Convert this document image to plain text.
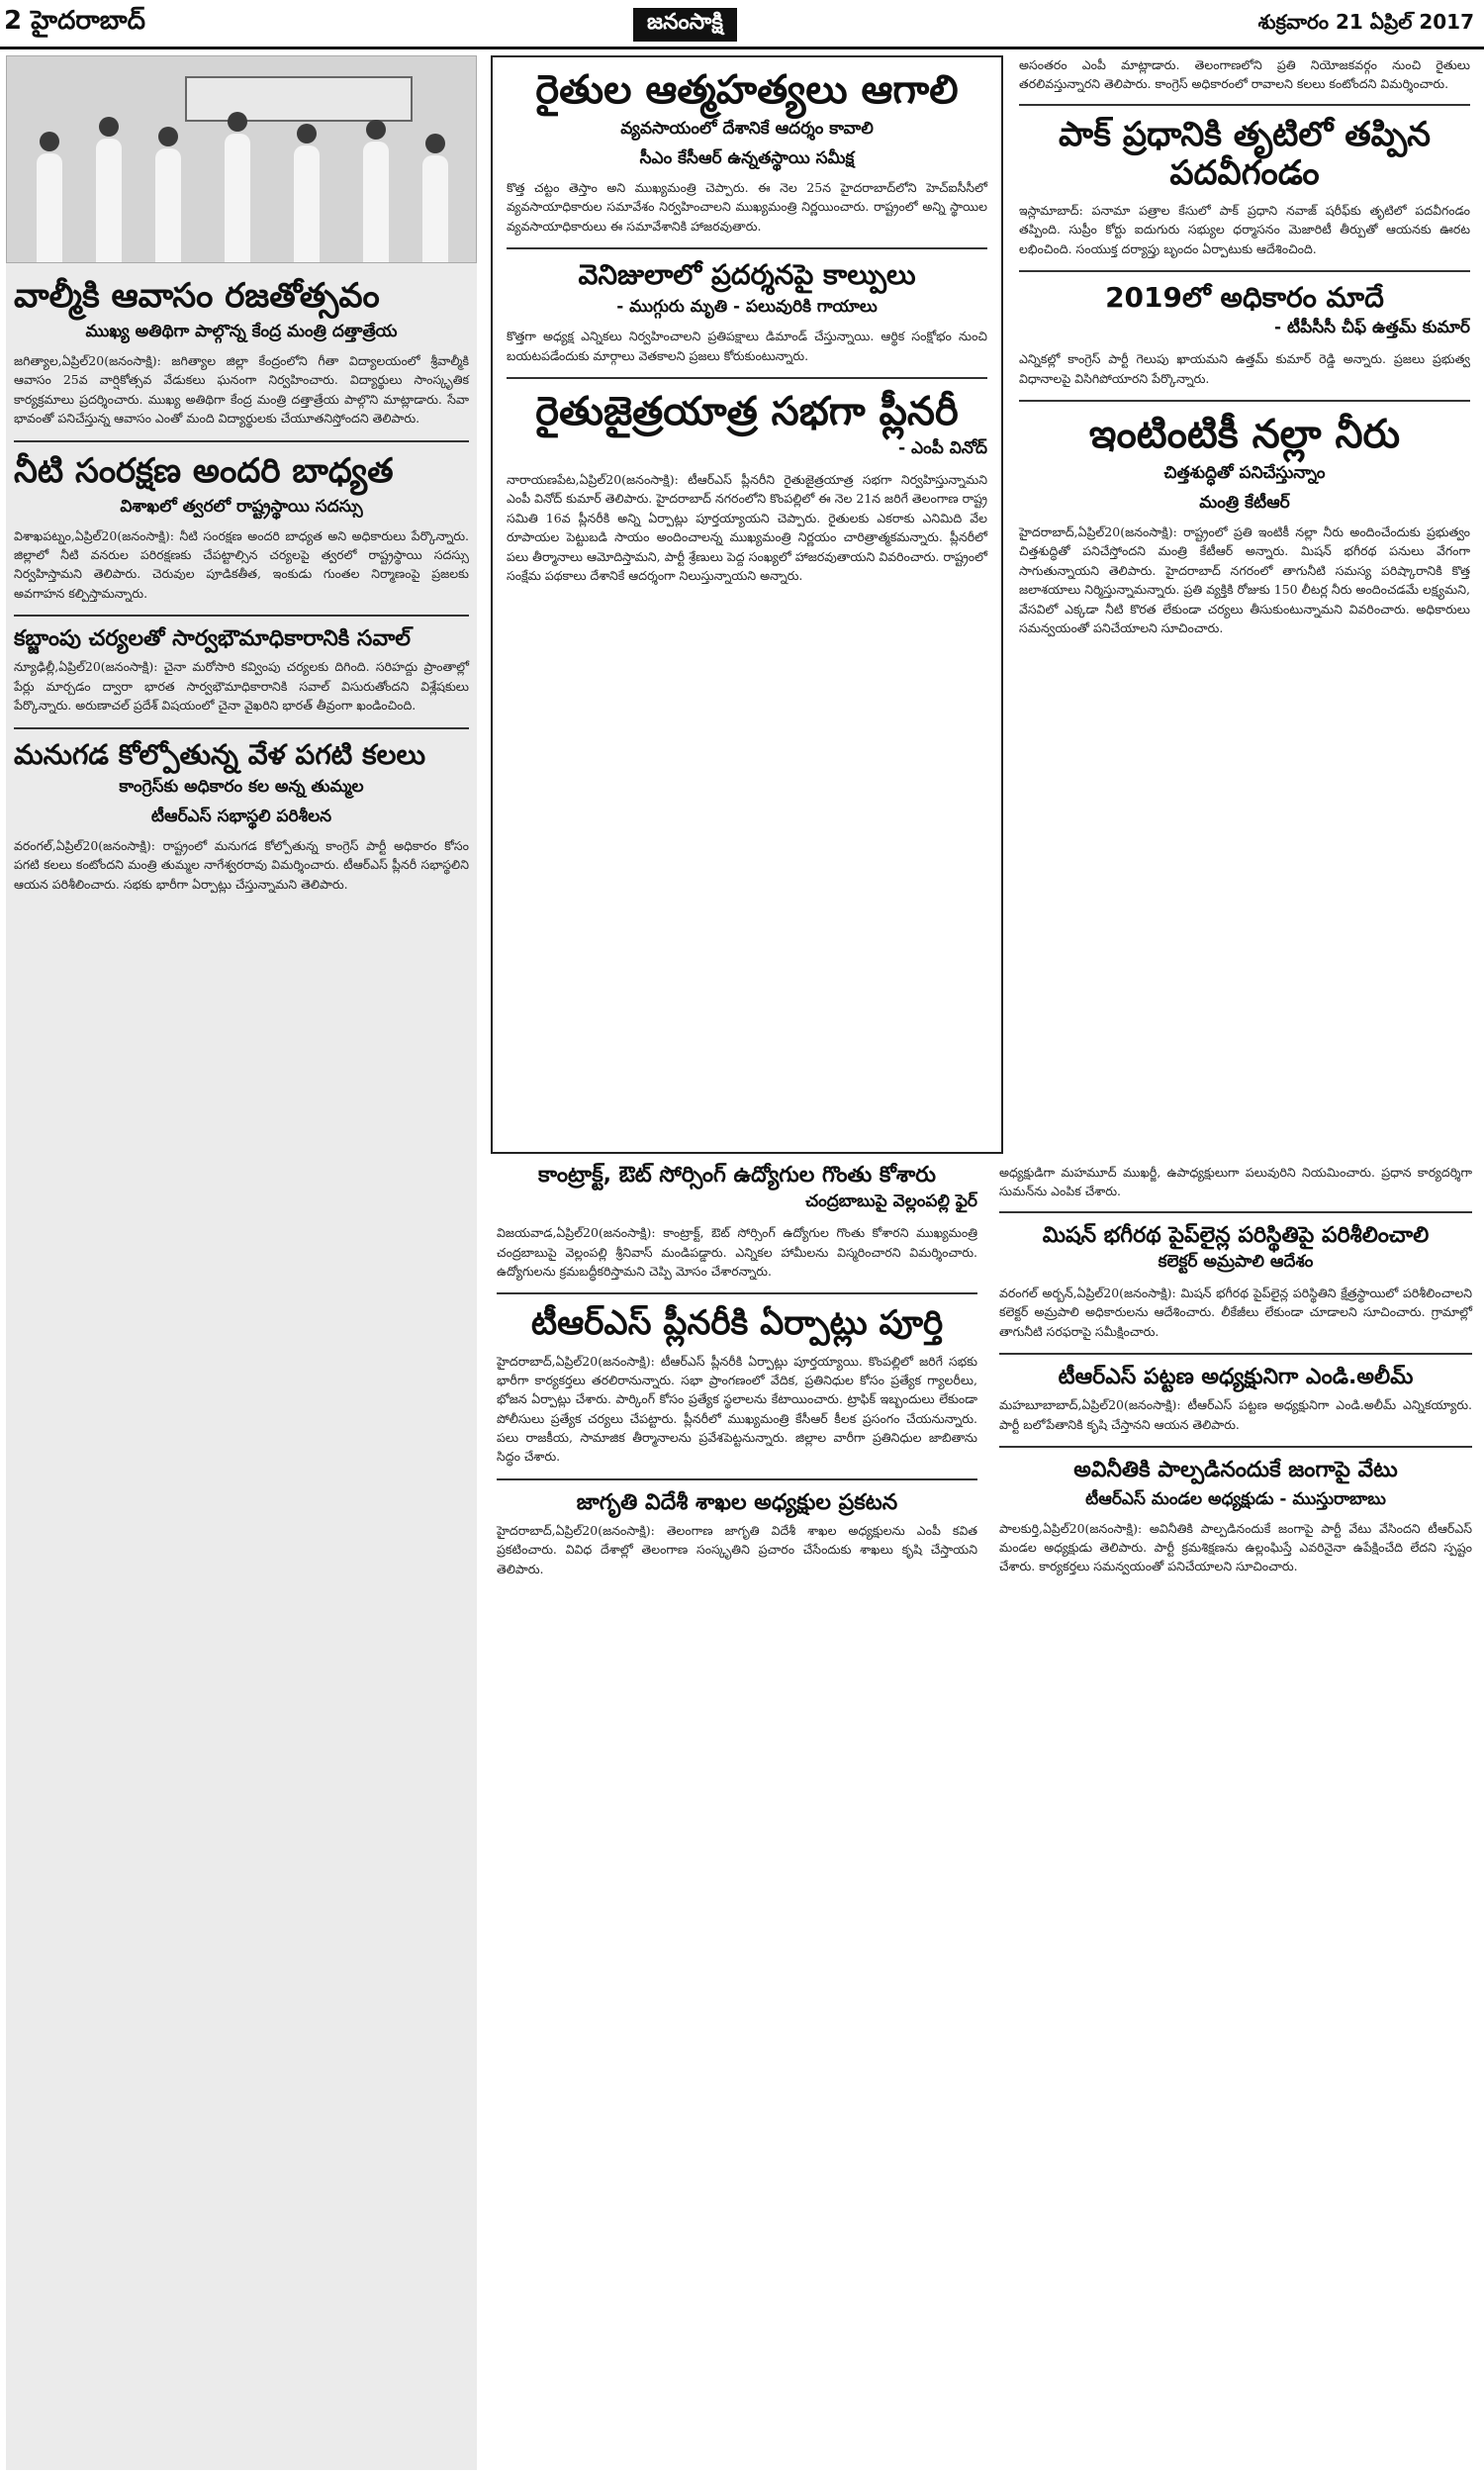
2 హైదరాబాద్	జనంసాక్షి	శుక్రవారం 21 ఏప్రిల్ 2017
వాల్మీకి ఆవాసం రజతోత్సవం
ముఖ్య అతిథిగా పాల్గొన్న కేంద్ర మంత్రి దత్తాత్రేయ
జగిత్యాల,ఏప్రిల్20(జనంసాక్షి): జగిత్యాల జిల్లా కేంద్రంలోని గీతా విద్యాలయంలో శ్రీవాల్మీకి ఆవాసం 25వ వార్షికోత్సవ వేడుకలు ఘనంగా నిర్వహించారు. విద్యార్థులు సాంస్కృతిక కార్యక్రమాలు ప్రదర్శించారు. ముఖ్య అతిథిగా కేంద్ర మంత్రి దత్తాత్రేయ పాల్గొని మాట్లాడారు. సేవా భావంతో పనిచేస్తున్న ఆవాసం ఎంతో మంది విద్యార్థులకు చేయూతనిస్తోందని తెలిపారు.
నీటి సంరక్షణ అందరి బాధ్యత
విశాఖలో త్వరలో రాష్ట్రస్థాయి సదస్సు
విశాఖపట్నం,ఏప్రిల్20(జనంసాక్షి): నీటి సంరక్షణ అందరి బాధ్యత అని అధికారులు పేర్కొన్నారు. జిల్లాలో నీటి వనరుల పరిరక్షణకు చేపట్టాల్సిన చర్యలపై త్వరలో రాష్ట్రస్థాయి సదస్సు నిర్వహిస్తామని తెలిపారు. చెరువుల పూడికతీత, ఇంకుడు గుంతల నిర్మాణంపై ప్రజలకు అవగాహన కల్పిస్తామన్నారు.
కబ్జాంపు చర్యలతో సార్వభౌమాధికారానికి సవాల్
న్యూఢిల్లీ,ఏప్రిల్20(జనంసాక్షి): చైనా మరోసారి కవ్వింపు చర్యలకు దిగింది. సరిహద్దు ప్రాంతాల్లో పేర్లు మార్చడం ద్వారా భారత సార్వభౌమాధికారానికి సవాల్ విసురుతోందని విశ్లేషకులు పేర్కొన్నారు. అరుణాచల్ ప్రదేశ్ విషయంలో చైనా వైఖరిని భారత్ తీవ్రంగా ఖండించింది.
మనుగడ కోల్పోతున్న వేళ పగటి కలలు
కాంగ్రెస్‌కు అధికారం కల అన్న తుమ్మల
టీఆర్‌ఎస్ సభాస్థలి పరిశీలన
వరంగల్,ఏప్రిల్20(జనంసాక్షి): రాష్ట్రంలో మనుగడ కోల్పోతున్న కాంగ్రెస్ పార్టీ అధికారం కోసం పగటి కలలు కంటోందని మంత్రి తుమ్మల నాగేశ్వరరావు విమర్శించారు. టీఆర్‌ఎస్ ప్లీనరీ సభాస్థలిని ఆయన పరిశీలించారు. సభకు భారీగా ఏర్పాట్లు చేస్తున్నామని తెలిపారు.
రైతుల ఆత్మహత్యలు ఆగాలి
వ్యవసాయంలో దేశానికే ఆదర్శం కావాలి
సీఎం కేసీఆర్ ఉన్నతస్థాయి సమీక్ష
కొత్త చట్టం తెస్తాం అని ముఖ్యమంత్రి చెప్పారు. ఈ నెల 25న హైదరాబాద్‌లోని హెచ్ఐసీసీలో వ్యవసాయాధికారుల సమావేశం నిర్వహించాలని ముఖ్యమంత్రి నిర్ణయించారు. రాష్ట్రంలో అన్ని స్థాయిల వ్యవసాయాధికారులు ఈ సమావేశానికి హాజరవుతారు.
వెనిజులాలో ప్రదర్శనపై కాల్పులు
- ముగ్గురు మృతి - పలువురికి గాయాలు
కొత్తగా అధ్యక్ష ఎన్నికలు నిర్వహించాలని ప్రతిపక్షాలు డిమాండ్ చేస్తున్నాయి. ఆర్థిక సంక్షోభం నుంచి బయటపడేందుకు మార్గాలు వెతకాలని ప్రజలు కోరుకుంటున్నారు.
రైతుజైత్రయాత్ర సభగా ప్లీనరీ
- ఎంపీ వినోద్
నారాయణపేట,ఏప్రిల్20(జనంసాక్షి): టీఆర్‌ఎస్ ప్లీనరీని రైతుజైత్రయాత్ర సభగా నిర్వహిస్తున్నామని ఎంపీ వినోద్ కుమార్ తెలిపారు. హైదరాబాద్ నగరంలోని కొంపల్లిలో ఈ నెల 21న జరిగే తెలంగాణ రాష్ట్ర సమితి 16వ ప్లీనరీకి అన్ని ఏర్పాట్లు పూర్తయ్యాయని చెప్పారు. రైతులకు ఎకరాకు ఎనిమిది వేల రూపాయల పెట్టుబడి సాయం అందించాలన్న ముఖ్యమంత్రి నిర్ణయం చారిత్రాత్మకమన్నారు. ప్లీనరీలో పలు తీర్మానాలు ఆమోదిస్తామని, పార్టీ శ్రేణులు పెద్ద సంఖ్యలో హాజరవుతాయని వివరించారు. రాష్ట్రంలో సంక్షేమ పథకాలు దేశానికే ఆదర్శంగా నిలుస్తున్నాయని అన్నారు.
అసంతరం ఎంపీ మాట్లాడారు. తెలంగాణలోని ప్రతి నియోజకవర్గం నుంచి రైతులు తరలివస్తున్నారని తెలిపారు. కాంగ్రెస్ అధికారంలో రావాలని కలలు కంటోందని విమర్శించారు.
పాక్ ప్రధానికి తృటిలో తప్పిన పదవీగండం
ఇస్లామాబాద్: పనామా పత్రాల కేసులో పాక్ ప్రధాని నవాజ్ షరీఫ్‌కు తృటిలో పదవీగండం తప్పింది. సుప్రీం కోర్టు ఐదుగురు సభ్యుల ధర్మాసనం మెజారిటీ తీర్పుతో ఆయనకు ఊరట లభించింది. సంయుక్త దర్యాప్తు బృందం ఏర్పాటుకు ఆదేశించింది.
2019లో అధికారం మాదే
- టీపీసీసీ చీఫ్ ఉత్తమ్ కుమార్
ఎన్నికల్లో కాంగ్రెస్ పార్టీ గెలుపు ఖాయమని ఉత్తమ్ కుమార్ రెడ్డి అన్నారు. ప్రజలు ప్రభుత్వ విధానాలపై విసిగిపోయారని పేర్కొన్నారు.
ఇంటింటికీ నల్లా నీరు
చిత్తశుద్ధితో పనిచేస్తున్నాం
మంత్రి కేటీఆర్
హైదరాబాద్,ఏప్రిల్20(జనంసాక్షి): రాష్ట్రంలో ప్రతి ఇంటికీ నల్లా నీరు అందించేందుకు ప్రభుత్వం చిత్తశుద్ధితో పనిచేస్తోందని మంత్రి కేటీఆర్ అన్నారు. మిషన్ భగీరథ పనులు వేగంగా సాగుతున్నాయని తెలిపారు. హైదరాబాద్ నగరంలో తాగునీటి సమస్య పరిష్కారానికి కొత్త జలాశయాలు నిర్మిస్తున్నామన్నారు. ప్రతి వ్యక్తికి రోజుకు 150 లీటర్ల నీరు అందించడమే లక్ష్యమని, వేసవిలో ఎక్కడా నీటి కొరత లేకుండా చర్యలు తీసుకుంటున్నామని వివరించారు. అధికారులు సమన్వయంతో పనిచేయాలని సూచించారు.
కాంట్రాక్ట్, ఔట్ సోర్సింగ్ ఉద్యోగుల గొంతు కోశారు
చంద్రబాబుపై వెల్లంపల్లి ఫైర్
విజయవాడ,ఏప్రిల్20(జనంసాక్షి): కాంట్రాక్ట్, ఔట్ సోర్సింగ్ ఉద్యోగుల గొంతు కోశారని ముఖ్యమంత్రి చంద్రబాబుపై వెల్లంపల్లి శ్రీనివాస్ మండిపడ్డారు. ఎన్నికల హామీలను విస్మరించారని విమర్శించారు. ఉద్యోగులను క్రమబద్ధీకరిస్తామని చెప్పి మోసం చేశారన్నారు.
టీఆర్‌ఎస్ ప్లీనరీకి ఏర్పాట్లు పూర్తి
హైదరాబాద్,ఏప్రిల్20(జనంసాక్షి): టీఆర్‌ఎస్ ప్లీనరీకి ఏర్పాట్లు పూర్తయ్యాయి. కొంపల్లిలో జరిగే సభకు భారీగా కార్యకర్తలు తరలిరానున్నారు. సభా ప్రాంగణంలో వేదిక, ప్రతినిధుల కోసం ప్రత్యేక గ్యాలరీలు, భోజన ఏర్పాట్లు చేశారు. పార్కింగ్ కోసం ప్రత్యేక స్థలాలను కేటాయించారు. ట్రాఫిక్ ఇబ్బందులు లేకుండా పోలీసులు ప్రత్యేక చర్యలు చేపట్టారు. ప్లీనరీలో ముఖ్యమంత్రి కేసీఆర్ కీలక ప్రసంగం చేయనున్నారు. పలు రాజకీయ, సామాజిక తీర్మానాలను ప్రవేశపెట్టనున్నారు. జిల్లాల వారీగా ప్రతినిధుల జాబితాను సిద్ధం చేశారు.
జాగృతి విదేశీ శాఖల అధ్యక్షుల ప్రకటన
హైదరాబాద్,ఏప్రిల్20(జనంసాక్షి): తెలంగాణ జాగృతి విదేశీ శాఖల అధ్యక్షులను ఎంపీ కవిత ప్రకటించారు. వివిధ దేశాల్లో తెలంగాణ సంస్కృతిని ప్రచారం చేసేందుకు శాఖలు కృషి చేస్తాయని తెలిపారు.
అధ్యక్షుడిగా మహమూద్ ముఖర్జీ, ఉపాధ్యక్షులుగా పలువురిని నియమించారు. ప్రధాన కార్యదర్శిగా సుమన్‌ను ఎంపిక చేశారు.
మిషన్ భగీరథ పైప్‌లైన్ల పరిస్థితిపై పరిశీలించాలి
కలెక్టర్ అమ్రపాలి ఆదేశం
వరంగల్ అర్బన్,ఏప్రిల్20(జనంసాక్షి): మిషన్ భగీరథ పైప్‌లైన్ల పరిస్థితిని క్షేత్రస్థాయిలో పరిశీలించాలని కలెక్టర్ అమ్రపాలి అధికారులను ఆదేశించారు. లీకేజీలు లేకుండా చూడాలని సూచించారు. గ్రామాల్లో తాగునీటి సరఫరాపై సమీక్షించారు.
టీఆర్‌ఎస్ పట్టణ అధ్యక్షునిగా ఎండి.అలీమ్
మహబూబాబాద్,ఏప్రిల్20(జనంసాక్షి): టీఆర్‌ఎస్ పట్టణ అధ్యక్షునిగా ఎండి.అలీమ్ ఎన్నికయ్యారు. పార్టీ బలోపేతానికి కృషి చేస్తానని ఆయన తెలిపారు.
అవినీతికి పాల్పడినందుకే జంగాపై వేటు
టీఆర్‌ఎస్ మండల అధ్యక్షుడు - ముస్తురాబాబు
పాలకుర్తి,ఏప్రిల్20(జనంసాక్షి): అవినీతికి పాల్పడినందుకే జంగాపై పార్టీ వేటు వేసిందని టీఆర్‌ఎస్ మండల అధ్యక్షుడు తెలిపారు. పార్టీ క్రమశిక్షణను ఉల్లంఘిస్తే ఎవరినైనా ఉపేక్షించేది లేదని స్పష్టం చేశారు. కార్యకర్తలు సమన్వయంతో పనిచేయాలని సూచించారు.
